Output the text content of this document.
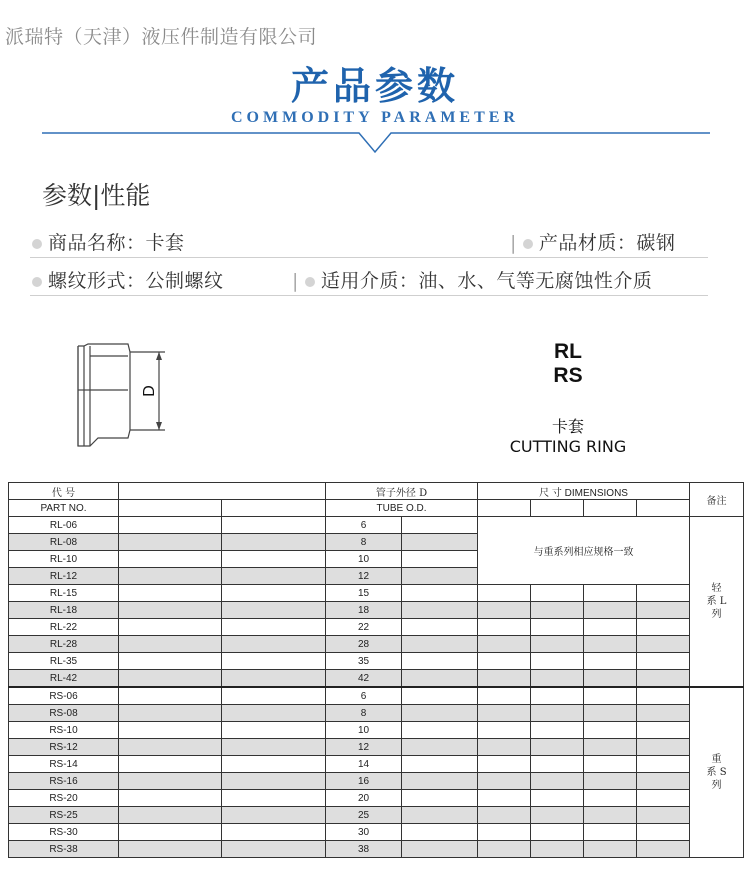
派瑞特（天津）液压件制造有限公司
产品参数
COMMODITY PARAMETER
参数|性能
商品名称：卡套	| 产品材质：碳钢
螺纹形式：公制螺纹	| 适用介质：油、水、气等无腐蚀性介质
D
RL
RS
卡套
CUTTING RING
代 号			管子外径 D		尺 寸 DIMENSIONS				备注
PART NO.			TUBE O.D.						
RL-06			6		与重系列相应规格一致				轻
系 L
列
RL-08			8						
RL-10			10						
RL-12			12						
RL-15			15						
RL-18			18						
RL-22			22						
RL-28			28						
RL-35			35						
RL-42			42						
RS-06			6						重
系 S
列
RS-08			8						
RS-10			10						
RS-12			12						
RS-14			14						
RS-16			16						
RS-20			20						
RS-25			25						
RS-30			30						
RS-38			38						
